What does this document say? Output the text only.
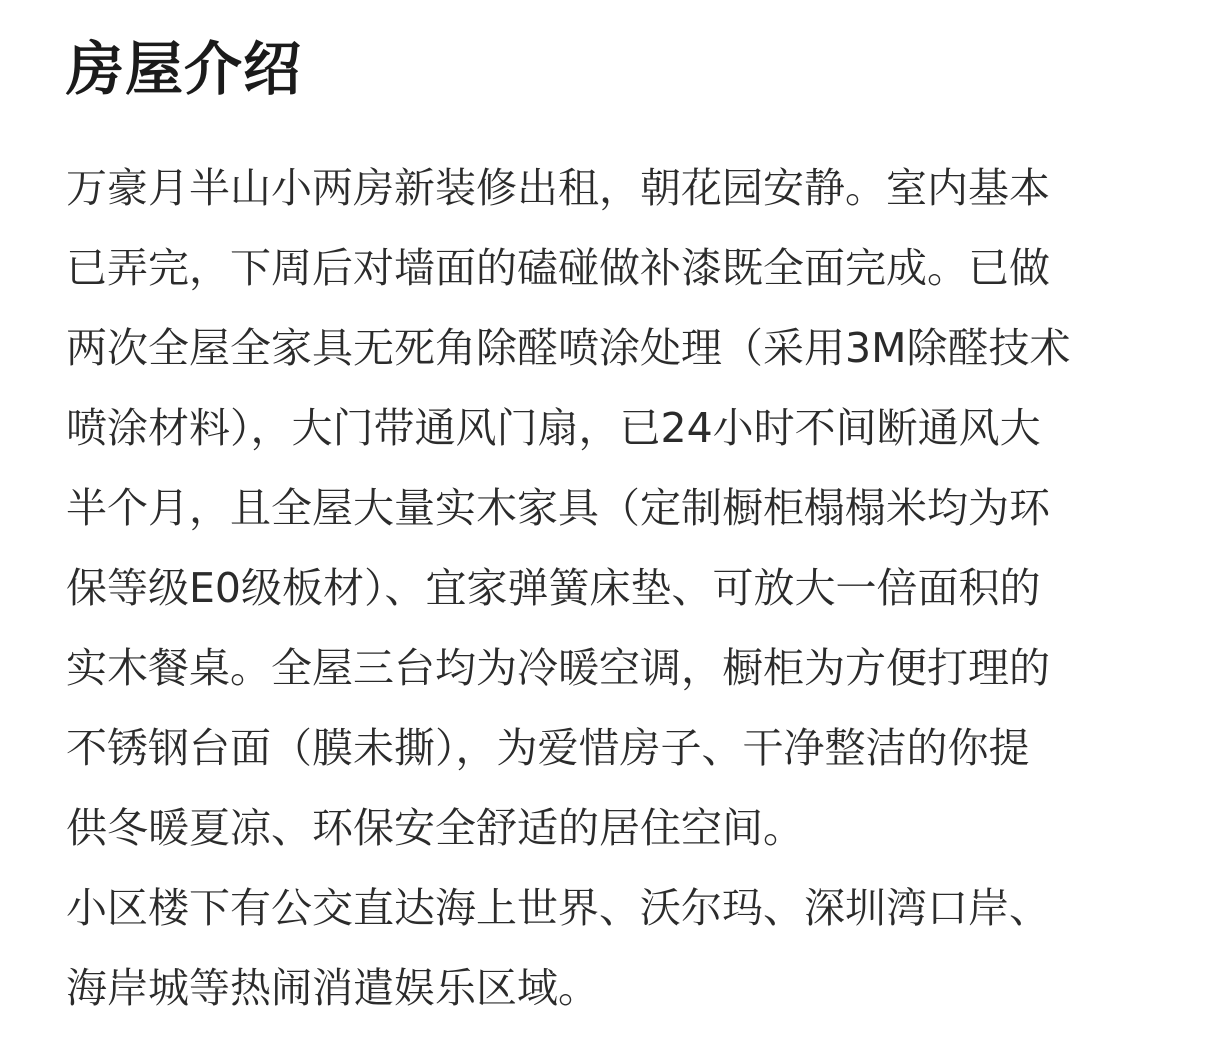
房屋介绍
万豪月半山小两房新装修出租，朝花园安静。室内基本
已弄完，下周后对墙面的磕碰做补漆既全面完成。已做
两次全屋全家具无死角除醛喷涂处理（采用3M除醛技术
喷涂材料），大门带通风门扇，已24小时不间断通风大
半个月，且全屋大量实木家具（定制橱柜榻榻米均为环
保等级E0级板材）、宜家弹簧床垫、可放大一倍面积的
实木餐桌。全屋三台均为冷暖空调，橱柜为方便打理的
不锈钢台面（膜未撕），为爱惜房子、干净整洁的你提
供冬暖夏凉、环保安全舒适的居住空间。
小区楼下有公交直达海上世界、沃尔玛、深圳湾口岸、
海岸城等热闹消遣娱乐区域。
